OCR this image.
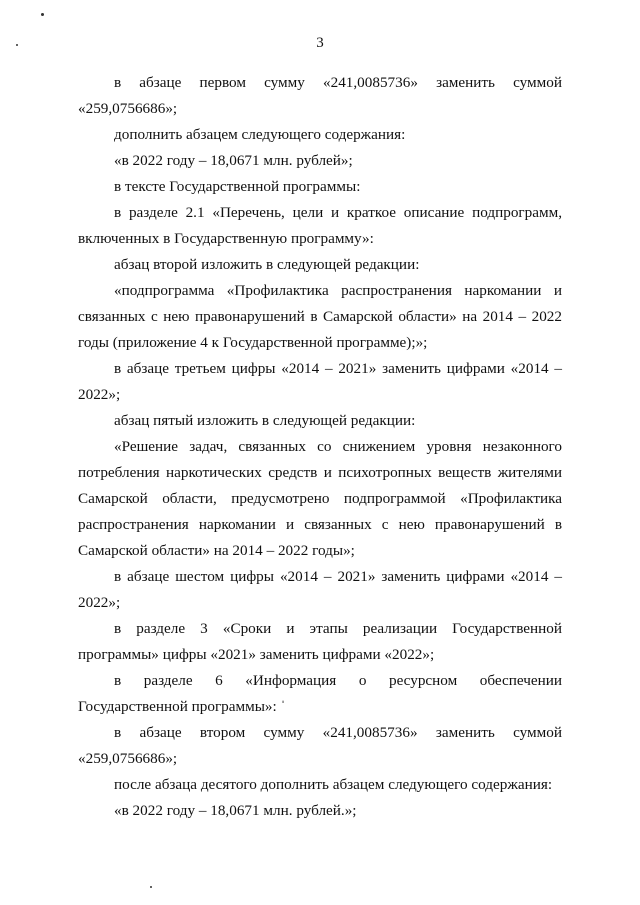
3

в абзаце первом сумму «241,0085736» заменить суммой «259,0756686»;

дополнить абзацем следующего содержания:

«в 2022 году – 18,0671 млн. рублей»;

в тексте Государственной программы:

в разделе 2.1 «Перечень, цели и краткое описание подпрограмм, включенных в Государственную программу»:

абзац второй изложить в следующей редакции:

«подпрограмма «Профилактика распространения наркомании и связанных с нею правонарушений в Самарской области» на 2014 – 2022 годы (приложение 4 к Государственной программе);»;

в абзаце третьем цифры «2014 – 2021» заменить цифрами «2014 – 2022»;

абзац пятый изложить в следующей редакции:

«Решение задач, связанных со снижением уровня незаконного потребления наркотических средств и психотропных веществ жителями Самарской области, предусмотрено подпрограммой «Профилактика распространения наркомании и связанных с нею правонарушений в Самарской области» на 2014 – 2022 годы»;

в абзаце шестом цифры «2014 – 2021» заменить цифрами «2014 – 2022»;

в разделе 3 «Сроки и этапы реализации Государственной программы» цифры «2021» заменить цифрами «2022»;

в разделе 6 «Информация о ресурсном обеспечении Государственной программы»: ˈ

в абзаце втором сумму «241,0085736» заменить суммой «259,0756686»;

после абзаца десятого дополнить абзацем следующего содержания:

«в 2022 году – 18,0671 млн. рублей.»;
